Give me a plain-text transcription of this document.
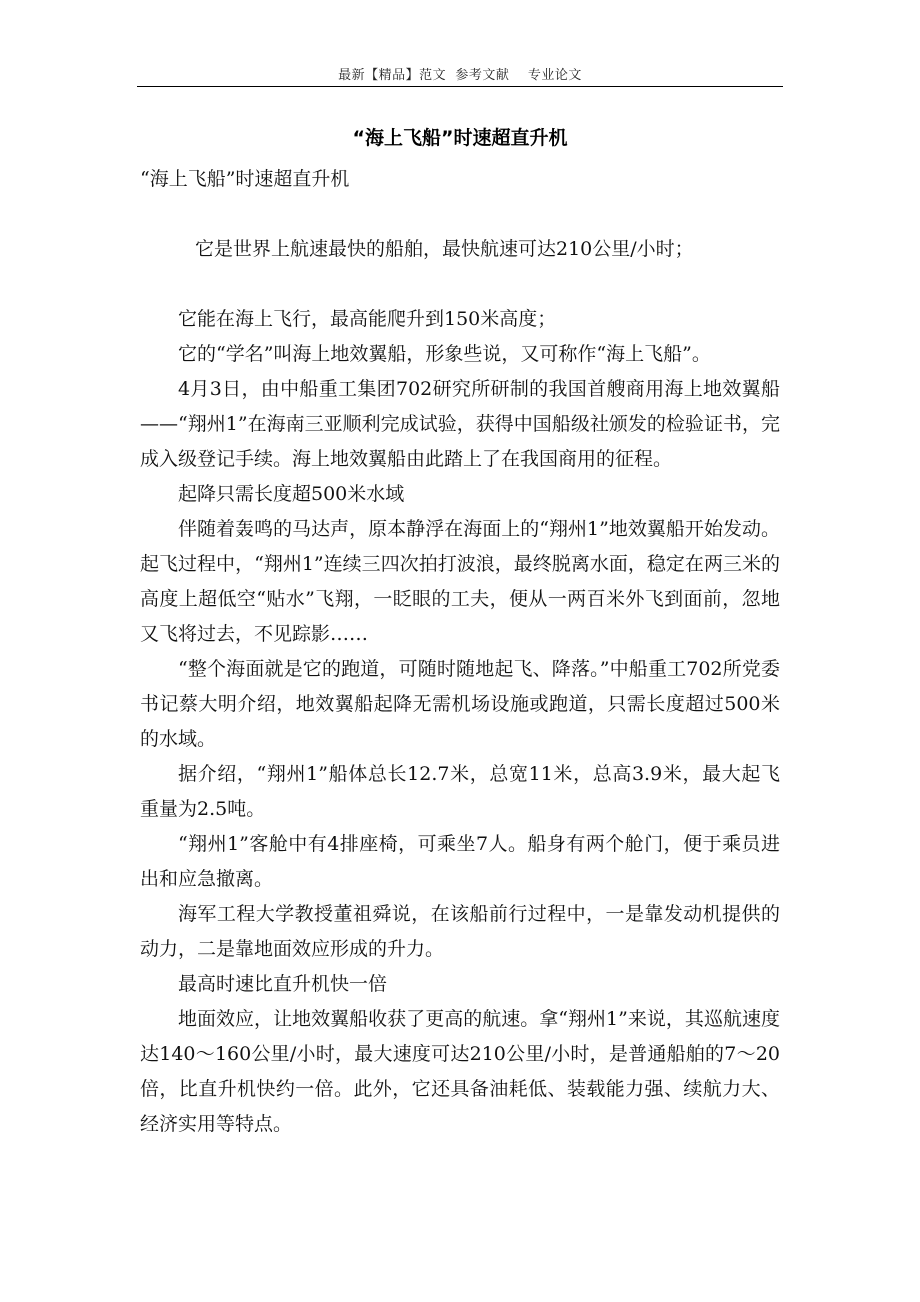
最新【精品】范文  参考文献    专业论文
“海上飞船”时速超直升机

“海上飞船”时速超直升机

它是世界上航速最快的船舶，最快航速可达210公里/小时；

它能在海上飞行，最高能爬升到150米高度；

它的“学名”叫海上地效翼船，形象些说，又可称作“海上飞船”。

4月3日，由中船重工集团702研究所研制的我国首艘商用海上地效翼船——“翔州1”在海南三亚顺利完成试验，获得中国船级社颁发的检验证书，完成入级登记手续。海上地效翼船由此踏上了在我国商用的征程。

起降只需长度超500米水域

伴随着轰鸣的马达声，原本静浮在海面上的“翔州1”地效翼船开始发动。起飞过程中，“翔州1”连续三四次拍打波浪，最终脱离水面，稳定在两三米的高度上超低空“贴水”飞翔，一眨眼的工夫，便从一两百米外飞到面前，忽地又飞将过去，不见踪影……

“整个海面就是它的跑道，可随时随地起飞、降落。”中船重工702所党委书记蔡大明介绍，地效翼船起降无需机场设施或跑道，只需长度超过500米的水域。

据介绍，“翔州1”船体总长12.7米，总宽11米，总高3.9米，最大起飞重量为2.5吨。

“翔州1”客舱中有4排座椅，可乘坐7人。船身有两个舱门，便于乘员进出和应急撤离。

海军工程大学教授董祖舜说，在该船前行过程中，一是靠发动机提供的动力，二是靠地面效应形成的升力。

最高时速比直升机快一倍

地面效应，让地效翼船收获了更高的航速。拿“翔州1”来说，其巡航速度达140～160公里/小时，最大速度可达210公里/小时，是普通船舶的7～20倍，比直升机快约一倍。此外，它还具备油耗低、装载能力强、续航力大、经济实用等特点。
